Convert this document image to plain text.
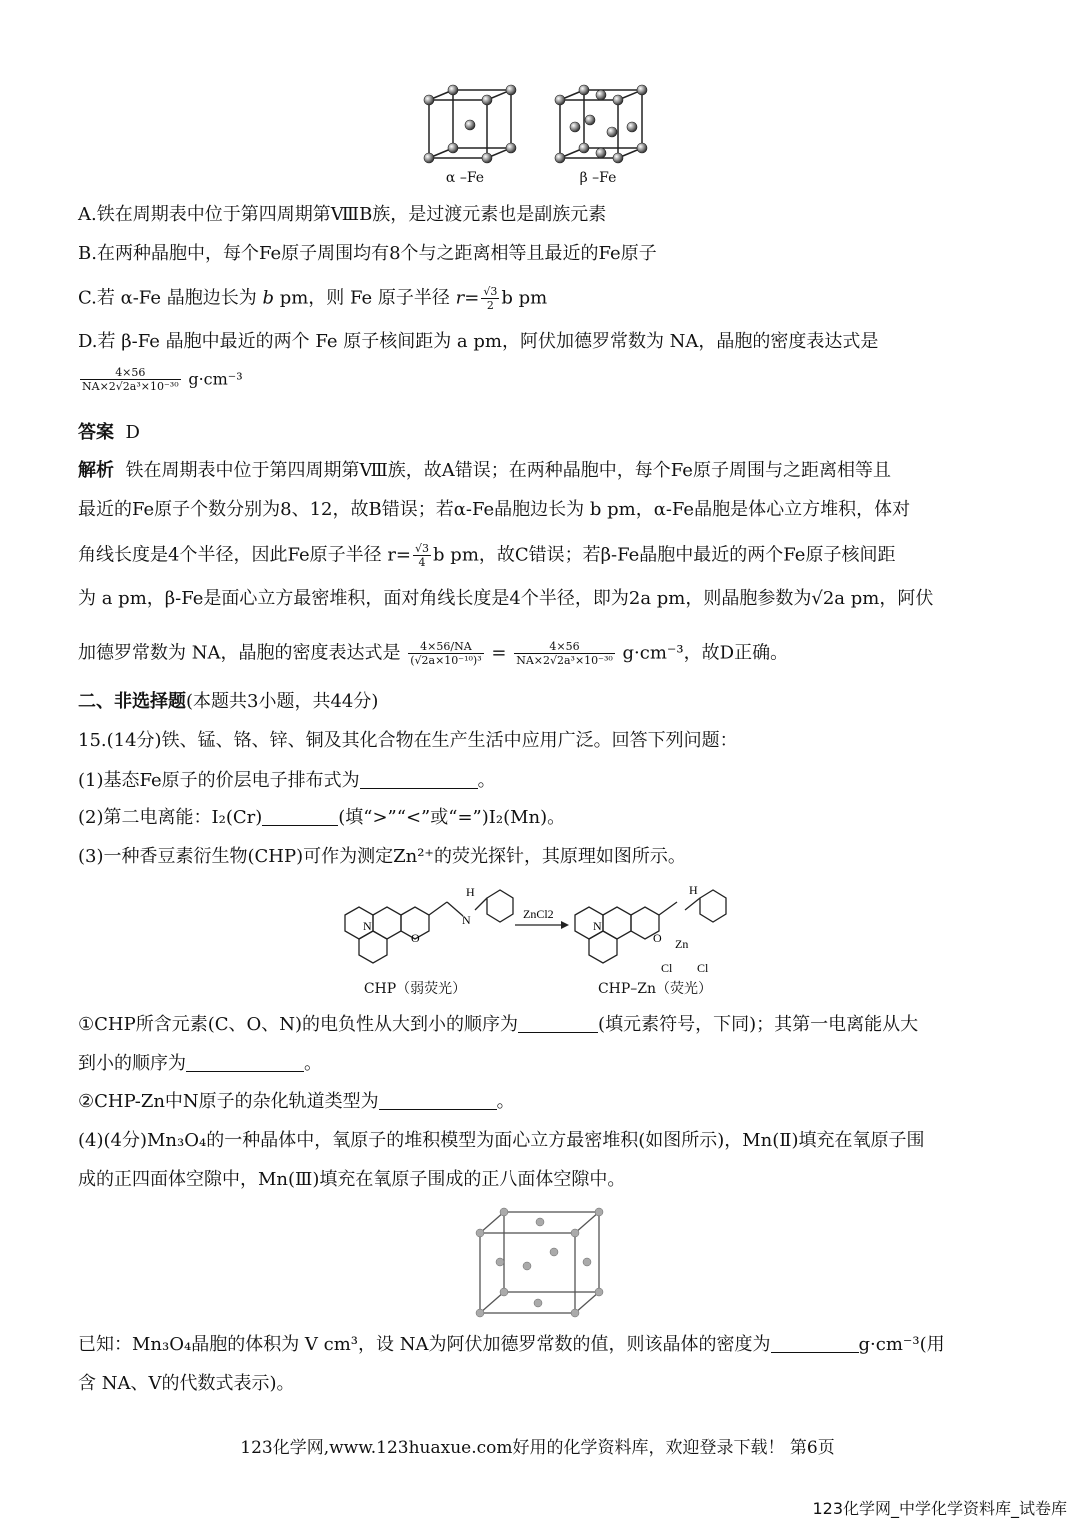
α –Fe	β –Fe
A.铁在周期表中位于第四周期第ⅧB族，是过渡元素也是副族元素
B.在两种晶胞中，每个Fe原子周围均有8个与之距离相等且最近的Fe原子
C.若 α-Fe 晶胞边长为 b pm，则 Fe 原子半径 $r= \frac{√3}{2}$ b pm
D.若 β-Fe 晶胞中最近的两个 Fe 原子核间距为 a pm，阿伏加德罗常数为 NA，晶胞的密度表达式是
$\frac{4\times 56}{\text{NA×2√2a³×10⁻³⁰}} g\cdot cm^{-3}$
答案 D
解析 铁在周期表中位于第四周期第Ⅷ族，故A错误；在两种晶胞中，每个Fe原子周围与之距离相等且
最近的Fe原子个数分别为8、12，故B错误；若α-Fe晶胞边长为 b pm，α-Fe晶胞是体心立方堆积，体对
角线长度是4个半径，因此Fe原子半径 $r= \frac{√3}{4}$ b pm，故C错误；若β-Fe晶胞中最近的两个Fe原子核间距
为 a pm，β-Fe是面心立方最密堆积，面对角线长度是4个半径，即为2a pm，则晶胞参数为√2a pm，阿伏
加德罗常数为 NA，晶胞的密度表达式是 $\frac{4\times 56/NA}{\text{(√2a×10⁻¹⁰)³}} = \frac{4\times 56}{\text{NA×2√2a³×10⁻³⁰}} g\cdot cm^{-3}$，故D正确。
二、非选择题(本题共3小题，共44分)
15.(14分)铁、锰、铬、锌、铜及其化合物在生产生活中应用广泛。回答下列问题：
(1)基态Fe原子的价层电子排布式为	。
(2)第二电离能：I₂(Cr)	(填“>”“<”或“=”)I₂(Mn)。
(3)一种香豆素衍生物(CHP)可作为测定Zn²⁺的荧光探针，其原理如图所示。
N
O
N
H
ZnCl2
N
O Zn
Cl Cl
H
CHP（弱荧光）	CHP–Zn（荧光）
①CHP所含元素(C、O、N)的电负性从大到小的顺序为	(填元素符号，下同)；其第一电离能从大
到小的顺序为	。
②CHP-Zn中N原子的杂化轨道类型为	。
(4)(4分)Mn₃O₄的一种晶体中，氧原子的堆积模型为面心立方最密堆积(如图所示)，Mn(Ⅱ)填充在氧原子围
成的正四面体空隙中，Mn(Ⅲ)填充在氧原子围成的正八面体空隙中。
已知：Mn₃O₄晶胞的体积为 V cm³，设 NA为阿伏加德罗常数的值，则该晶体的密度为	g·cm⁻³(用
含 NA、V的代数式表示)。
123化学网,www.123huaxue.com好用的化学资料库，欢迎登录下载！ 第6页
123化学网_中学化学资料库_试卷库
